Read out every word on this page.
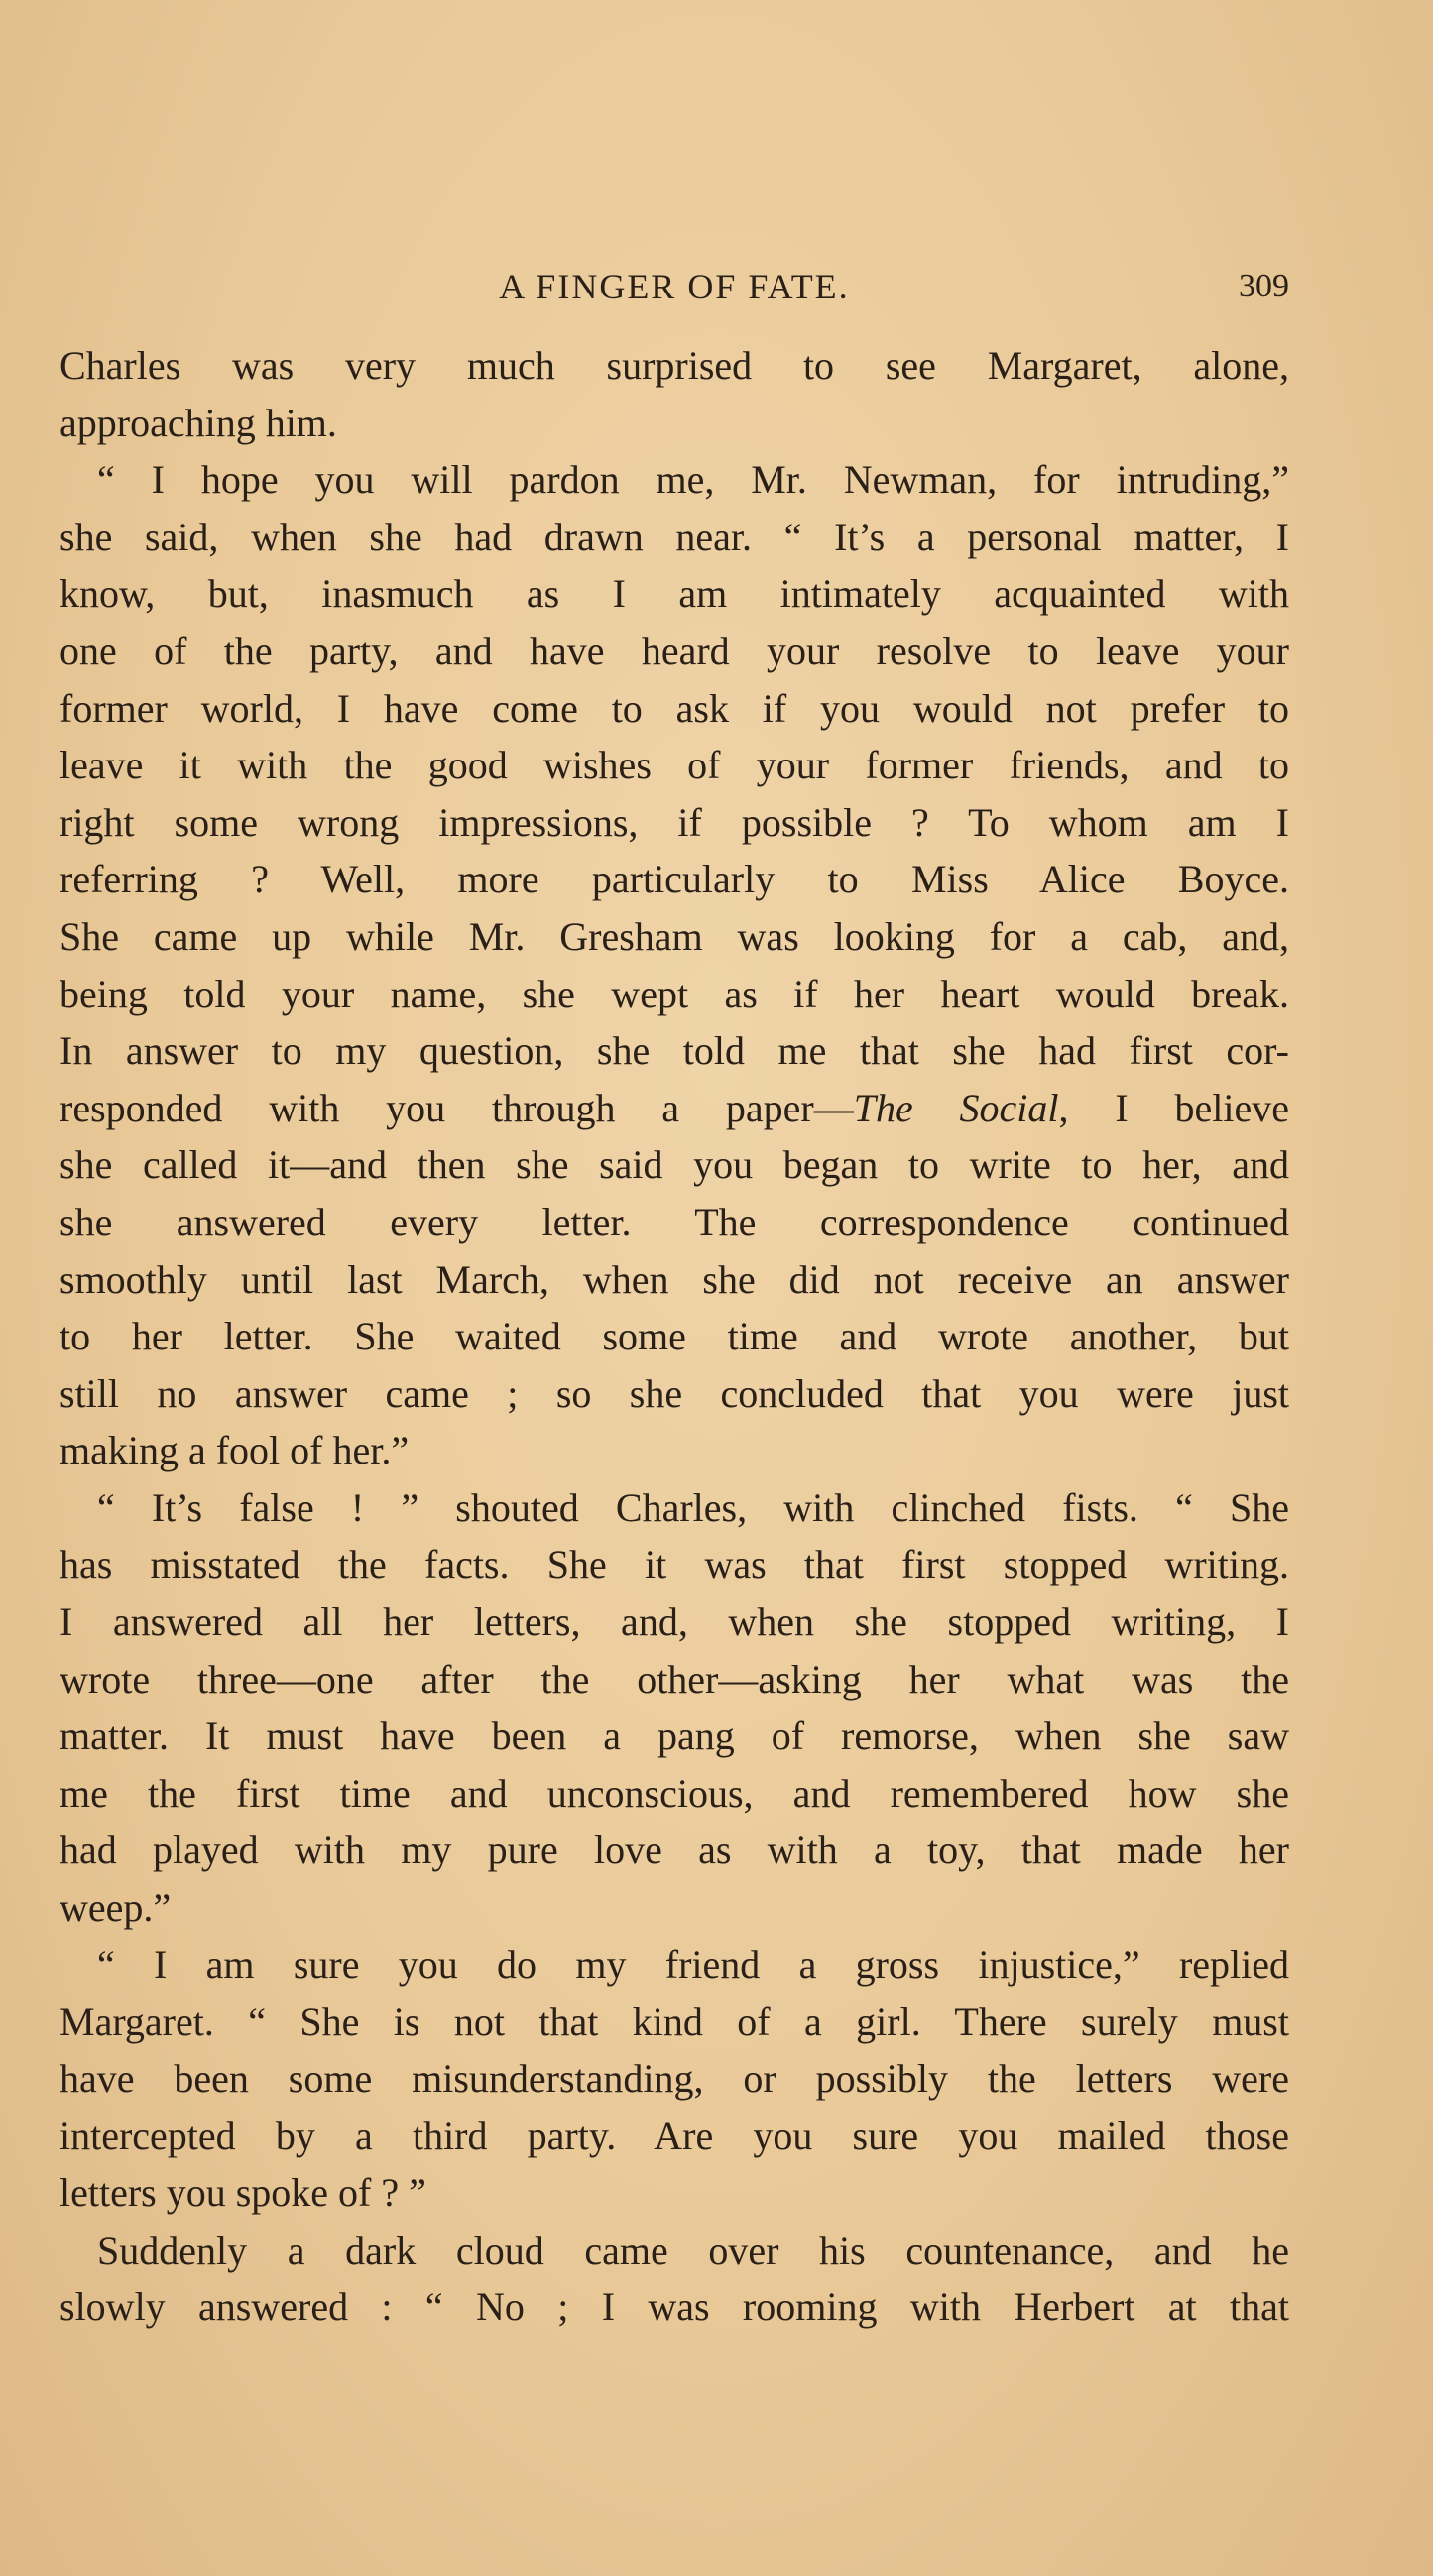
A FINGER OF FATE.	309
Charles was very much surprised to see Margaret, alone,
approaching him.
“ I hope you will pardon me, Mr. Newman, for intruding,”
she said, when she had drawn near. “ It’s a personal matter, I
know, but, inasmuch as I am intimately acquainted with
one of the party, and have heard your resolve to leave your
former world, I have come to ask if you would not prefer to
leave it with the good wishes of your former friends, and to
right some wrong impressions, if possible ? To whom am I
referring ? Well, more particularly to Miss Alice Boyce.
She came up while Mr. Gresham was looking for a cab, and,
being told your name, she wept as if her heart would break.
In answer to my question, she told me that she had first cor-
responded with you through a paper—The Social, I believe
she called it—and then she said you began to write to her, and
she answered every letter. The correspondence continued
smoothly until last March, when she did not receive an answer
to her letter. She waited some time and wrote another, but
still no answer came ; so she concluded that you were just
making a fool of her.”
“ It’s false ! ” shouted Charles, with clinched fists. “ She
has misstated the facts. She it was that first stopped writing.
I answered all her letters, and, when she stopped writing, I
wrote three—one after the other—asking her what was the
matter. It must have been a pang of remorse, when she saw
me the first time and unconscious, and remembered how she
had played with my pure love as with a toy, that made her
weep.”
“ I am sure you do my friend a gross injustice,” replied
Margaret. “ She is not that kind of a girl. There surely must
have been some misunderstanding, or possibly the letters were
intercepted by a third party. Are you sure you mailed those
letters you spoke of ? ”
Suddenly a dark cloud came over his countenance, and he
slowly answered : “ No ; I was rooming with Herbert at that
